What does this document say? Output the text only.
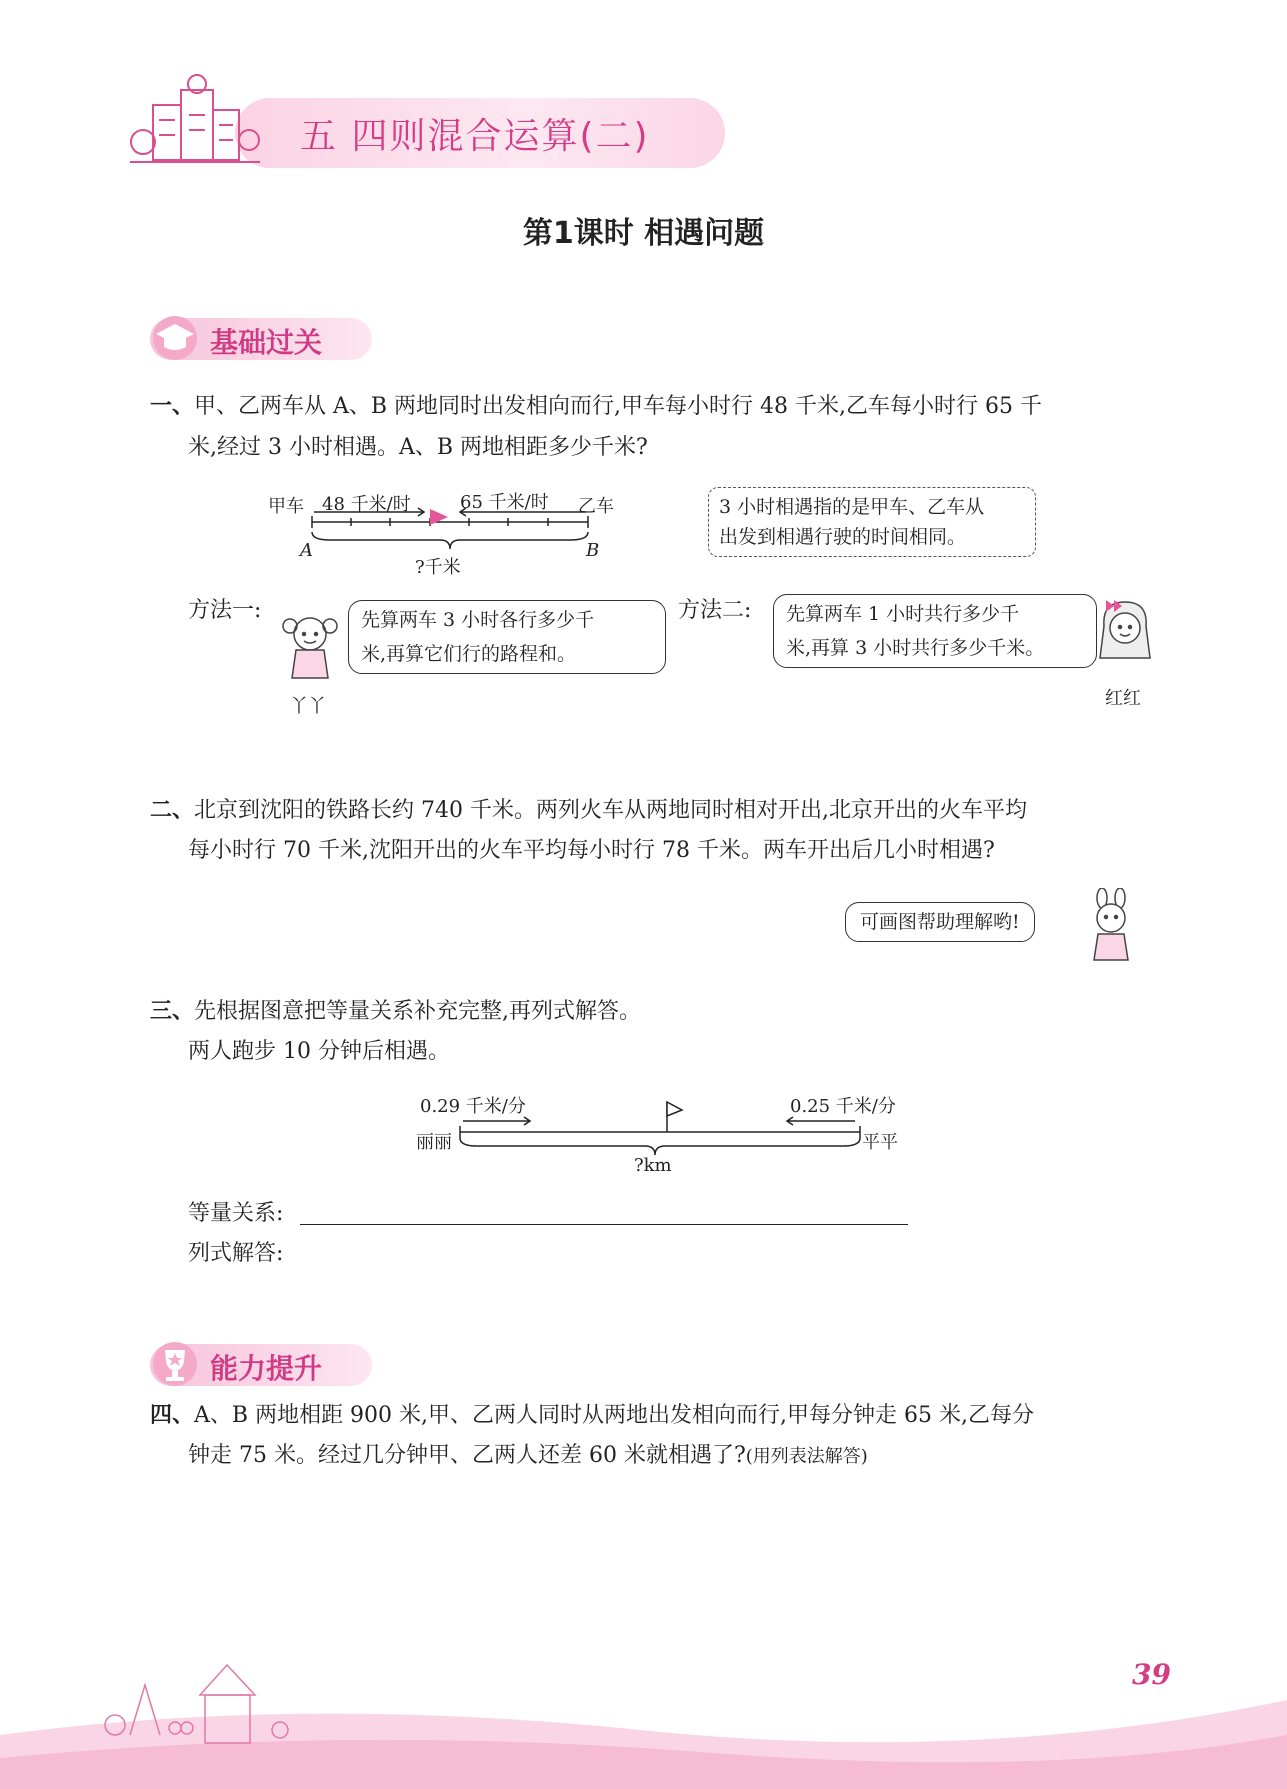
五 四则混合运算(二)
第1课时 相遇问题
基础过关
一、甲、乙两车从 A、B 两地同时出发相向而行,甲车每小时行 48 千米,乙车每小时行 65 千
米,经过 3 小时相遇。A、B 两地相距多少千米?
甲车 48 千米/时	65 千米/时 乙车
A	B
?千米
3 小时相遇指的是甲车、乙车从
出发到相遇行驶的时间相同。
方法一:
丫丫
先算两车 3 小时各行多少千
米,再算它们行的路程和。
方法二: 先算两车 1 小时共行多少千
米,再算 3 小时共行多少千米。
红红
二、北京到沈阳的铁路长约 740 千米。两列火车从两地同时相对开出,北京开出的火车平均
每小时行 70 千米,沈阳开出的火车平均每小时行 78 千米。两车开出后几小时相遇?
可画图帮助理解哟!
三、先根据图意把等量关系补充完整,再列式解答。
两人跑步 10 分钟后相遇。
0.29 千米/分	0.25 千米/分
丽丽	平平
?km
等量关系:
列式解答:
能力提升
四、A、B 两地相距 900 米,甲、乙两人同时从两地出发相向而行,甲每分钟走 65 米,乙每分
钟走 75 米。经过几分钟甲、乙两人还差 60 米就相遇了?(用列表法解答)
39
